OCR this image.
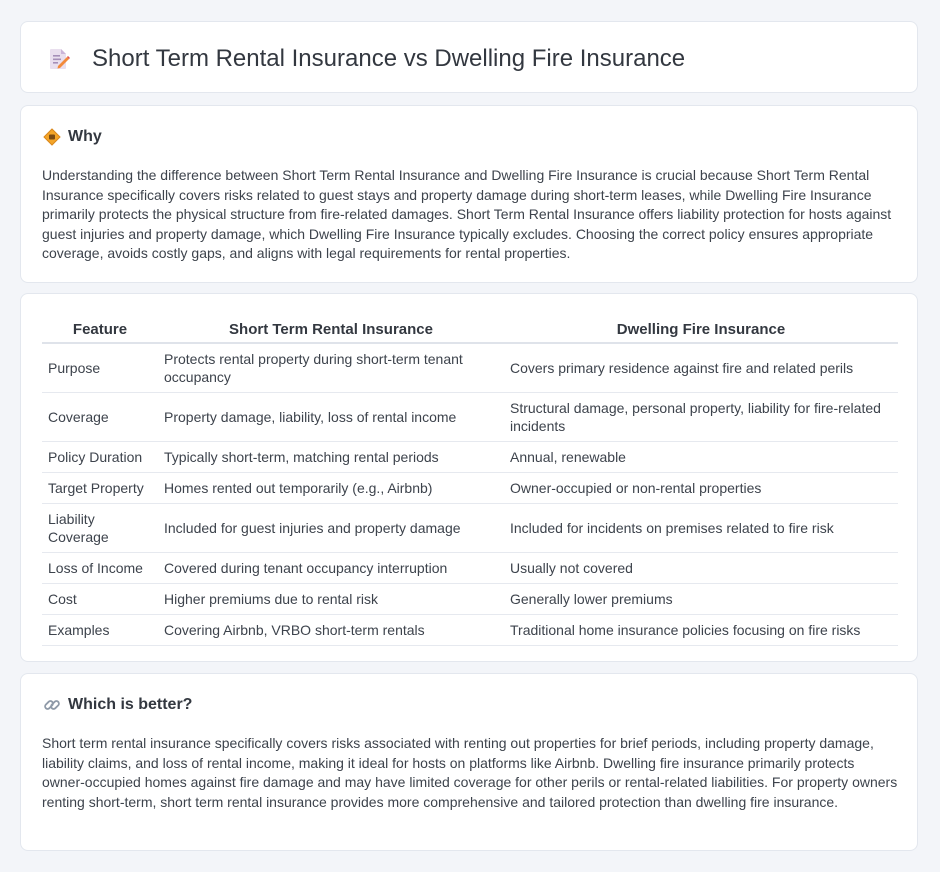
Short Term Rental Insurance vs Dwelling Fire Insurance
Why

Understanding the difference between Short Term Rental Insurance and Dwelling Fire Insurance is crucial because Short Term Rental Insurance specifically covers risks related to guest stays and property damage during short-term leases, while Dwelling Fire Insurance primarily protects the physical structure from fire-related damages. Short Term Rental Insurance offers liability protection for hosts against guest injuries and property damage, which Dwelling Fire Insurance typically excludes. Choosing the correct policy ensures appropriate coverage, avoids costly gaps, and aligns with legal requirements for rental properties.

Feature	Short Term Rental Insurance	Dwelling Fire Insurance
Purpose	Protects rental property during short-term tenant occupancy	Covers primary residence against fire and related perils
Coverage	Property damage, liability, loss of rental income	Structural damage, personal property, liability for fire-related incidents
Policy Duration	Typically short-term, matching rental periods	Annual, renewable
Target Property	Homes rented out temporarily (e.g., Airbnb)	Owner-occupied or non-rental properties
Liability Coverage	Included for guest injuries and property damage	Included for incidents on premises related to fire risk
Loss of Income	Covered during tenant occupancy interruption	Usually not covered
Cost	Higher premiums due to rental risk	Generally lower premiums
Examples	Covering Airbnb, VRBO short-term rentals	Traditional home insurance policies focusing on fire risks
Which is better?

Short term rental insurance specifically covers risks associated with renting out properties for brief periods, including property damage, liability claims, and loss of rental income, making it ideal for hosts on platforms like Airbnb. Dwelling fire insurance primarily protects owner-occupied homes against fire damage and may have limited coverage for other perils or rental-related liabilities. For property owners renting short-term, short term rental insurance provides more comprehensive and tailored protection than dwelling fire insurance.
